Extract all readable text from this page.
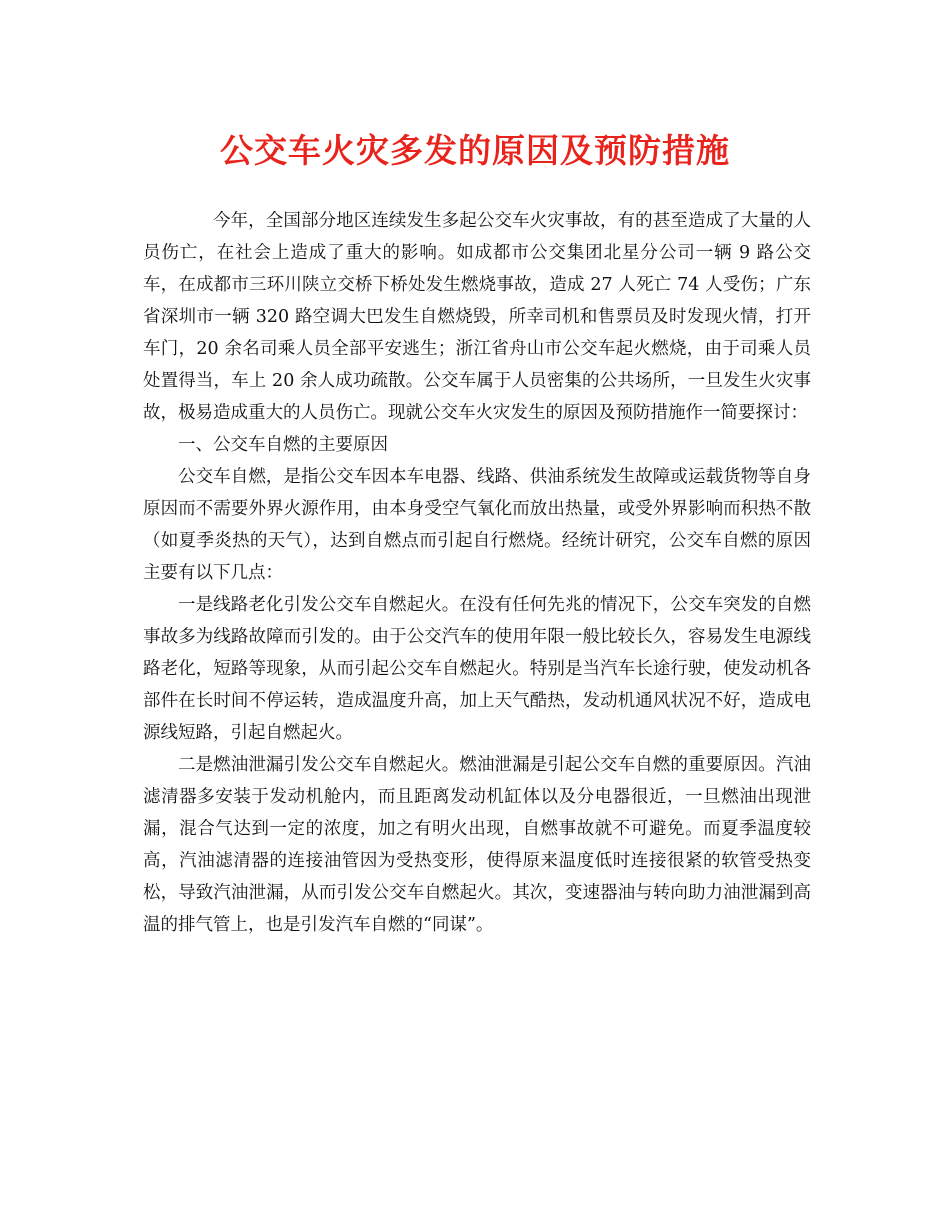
公交车火灾多发的原因及预防措施

今年，全国部分地区连续发生多起公交车火灾事故，有的甚至造成了大量的人员伤亡，在社会上造成了重大的影响。如成都市公交集团北星分公司一辆 9 路公交车，在成都市三环川陕立交桥下桥处发生燃烧事故，造成 27 人死亡 74 人受伤；广东省深圳市一辆 320 路空调大巴发生自燃烧毁，所幸司机和售票员及时发现火情，打开车门，20 余名司乘人员全部平安逃生；浙江省舟山市公交车起火燃烧，由于司乘人员处置得当，车上 20 余人成功疏散。公交车属于人员密集的公共场所，一旦发生火灾事故，极易造成重大的人员伤亡。现就公交车火灾发生的原因及预防措施作一简要探讨：

一、公交车自燃的主要原因

公交车自燃，是指公交车因本车电器、线路、供油系统发生故障或运载货物等自身原因而不需要外界火源作用，由本身受空气氧化而放出热量，或受外界影响而积热不散（如夏季炎热的天气），达到自燃点而引起自行燃烧。经统计研究，公交车自燃的原因主要有以下几点：

一是线路老化引发公交车自燃起火。在没有任何先兆的情况下，公交车突发的自燃事故多为线路故障而引发的。由于公交汽车的使用年限一般比较长久，容易发生电源线路老化，短路等现象，从而引起公交车自燃起火。特别是当汽车长途行驶，使发动机各部件在长时间不停运转，造成温度升高，加上天气酷热，发动机通风状况不好，造成电源线短路，引起自燃起火。

二是燃油泄漏引发公交车自燃起火。燃油泄漏是引起公交车自燃的重要原因。汽油滤清器多安装于发动机舱内，而且距离发动机缸体以及分电器很近，一旦燃油出现泄漏，混合气达到一定的浓度，加之有明火出现，自燃事故就不可避免。而夏季温度较高，汽油滤清器的连接油管因为受热变形，使得原来温度低时连接很紧的软管受热变松，导致汽油泄漏，从而引发公交车自燃起火。其次，变速器油与转向助力油泄漏到高温的排气管上，也是引发汽车自燃的“同谋”。
